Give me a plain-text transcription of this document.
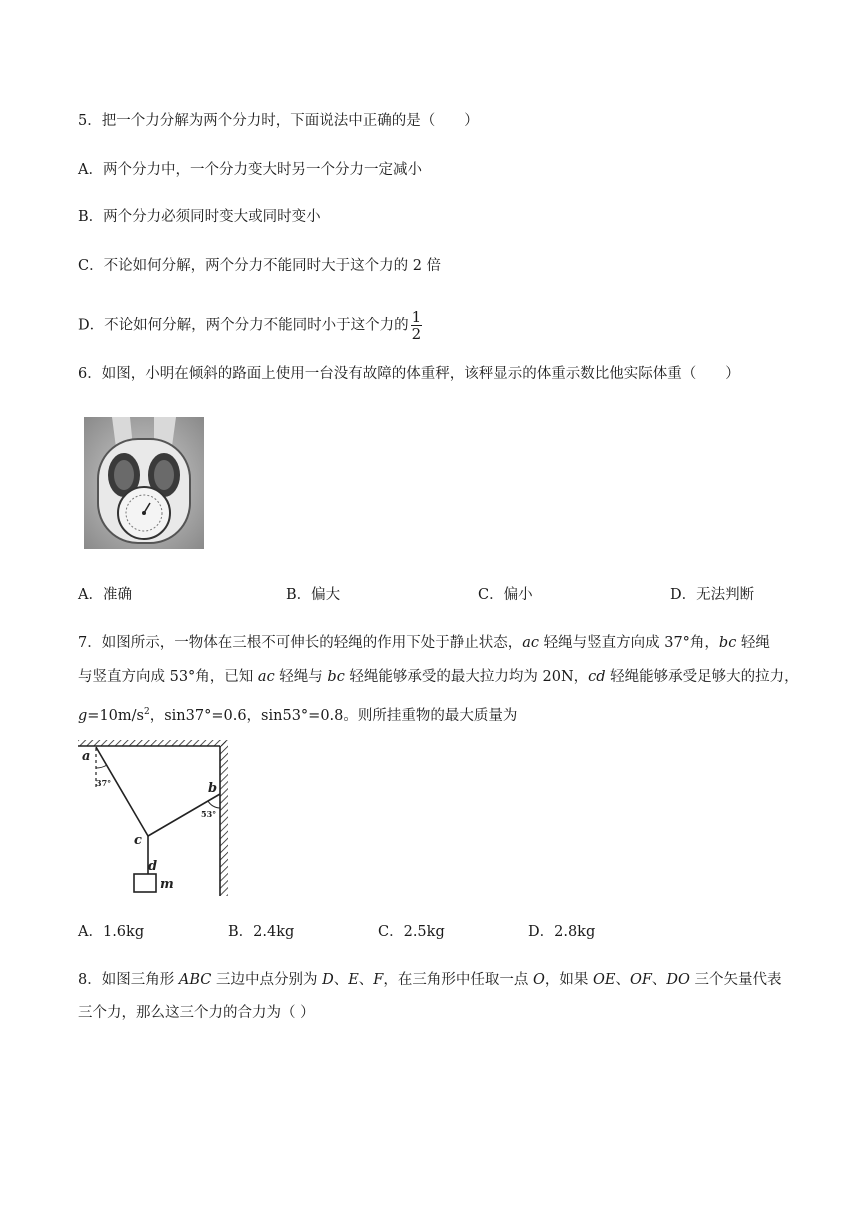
5．把一个力分解为两个分力时，下面说法中正确的是（　　）
A．两个分力中，一个分力变大时另一个分力一定减小
B．两个分力必须同时变大或同时变小
C．不论如何分解，两个分力不能同时大于这个力的 2 倍
D．不论如何分解，两个分力不能同时小于这个力的 $\frac{1}{2}$
6．如图，小明在倾斜的路面上使用一台没有故障的体重秤，该秤显示的体重示数比他实际体重（　　）
A．准确	B．偏大	C．偏小	D．无法判断
7．如图所示，一物体在三根不可伸长的轻绳的作用下处于静止状态，ac 轻绳与竖直方向成 37°角，bc 轻绳
与竖直方向成 53°角，已知 ac 轻绳与 bc 轻绳能够承受的最大拉力均为 20N，cd 轻绳能够承受足够大的拉力，
$g=10m/s^2$，sin37°=0.6，sin53°=0.8。则所挂重物的最大质量为
a
37°	b
53°
c
d
m
A．1.6kg	B．2.4kg	C．2.5kg	D．2.8kg
8．如图三角形 ABC 三边中点分别为 D、E、F，在三角形中任取一点 O，如果 OE、OF、DO 三个矢量代表
三个力，那么这三个力的合力为（ ）
